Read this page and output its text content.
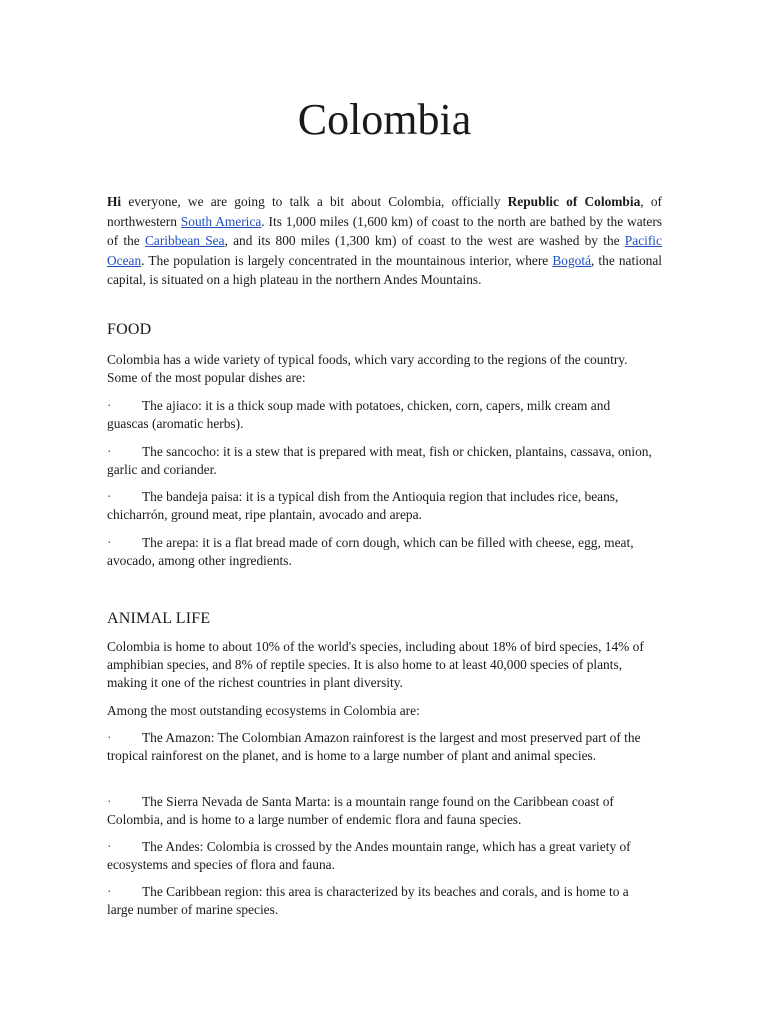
Colombia

Hi everyone, we are going to talk a bit about Colombia, officially Republic of Colombia, of northwestern South America. Its 1,000 miles (1,600 km) of coast to the north are bathed by the waters of the Caribbean Sea, and its 800 miles (1,300 km) of coast to the west are washed by the Pacific Ocean. The population is largely concentrated in the mountainous interior, where Bogotá, the national capital, is situated on a high plateau in the northern Andes Mountains.

FOOD

Colombia has a wide variety of typical foods, which vary according to the regions of the country. Some of the most popular dishes are:

· The ajiaco: it is a thick soup made with potatoes, chicken, corn, capers, milk cream and guascas (aromatic herbs).

· The sancocho: it is a stew that is prepared with meat, fish or chicken, plantains, cassava, onion, garlic and coriander.

· The bandeja paisa: it is a typical dish from the Antioquia region that includes rice, beans, chicharrón, ground meat, ripe plantain, avocado and arepa.

· The arepa: it is a flat bread made of corn dough, which can be filled with cheese, egg, meat, avocado, among other ingredients.

ANIMAL LIFE

Colombia is home to about 10% of the world's species, including about 18% of bird species, 14% of amphibian species, and 8% of reptile species. It is also home to at least 40,000 species of plants, making it one of the richest countries in plant diversity.

Among the most outstanding ecosystems in Colombia are:

· The Amazon: The Colombian Amazon rainforest is the largest and most preserved part of the tropical rainforest on the planet, and is home to a large number of plant and animal species.

· The Sierra Nevada de Santa Marta: is a mountain range found on the Caribbean coast of Colombia, and is home to a large number of endemic flora and fauna species.

· The Andes: Colombia is crossed by the Andes mountain range, which has a great variety of ecosystems and species of flora and fauna.

· The Caribbean region: this area is characterized by its beaches and corals, and is home to a large number of marine species.
